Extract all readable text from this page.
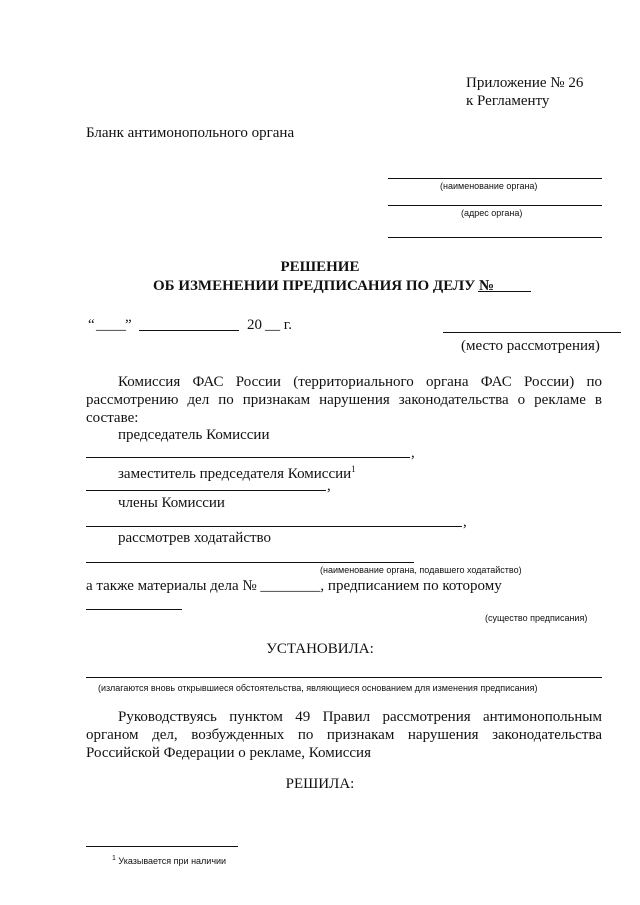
Приложение № 26
к Регламенту
Бланк антимонопольного органа
(наименование органа)
(адрес органа)
РЕШЕНИЕ
ОБ ИЗМЕНЕНИИ ПРЕДПИСАНИЯ ПО ДЕЛУ №
“ ____ ”	20 __ г.
(место рассмотрения)
Комиссия ФАС России (территориального органа ФАС России) по
рассмотрению дел по признакам нарушения законодательства о рекламе в
составе:
председатель Комиссии
,
заместитель председателя Комиссии$^1$
,
члены Комиссии
,
рассмотрев ходатайство
(наименование органа, подавшего ходатайство)
а также материалы дела № ________, предписанием по которому
(существо предписания)
УСТАНОВИЛА:
(излагаются вновь открывшиеся обстоятельства, являющиеся основанием для изменения предписания)
Руководствуясь пунктом 49 Правил рассмотрения антимонопольным
органом дел, возбужденных по признакам нарушения законодательства
Российской Федерации о рекламе, Комиссия
РЕШИЛА:
$^1$ Указывается при наличии
